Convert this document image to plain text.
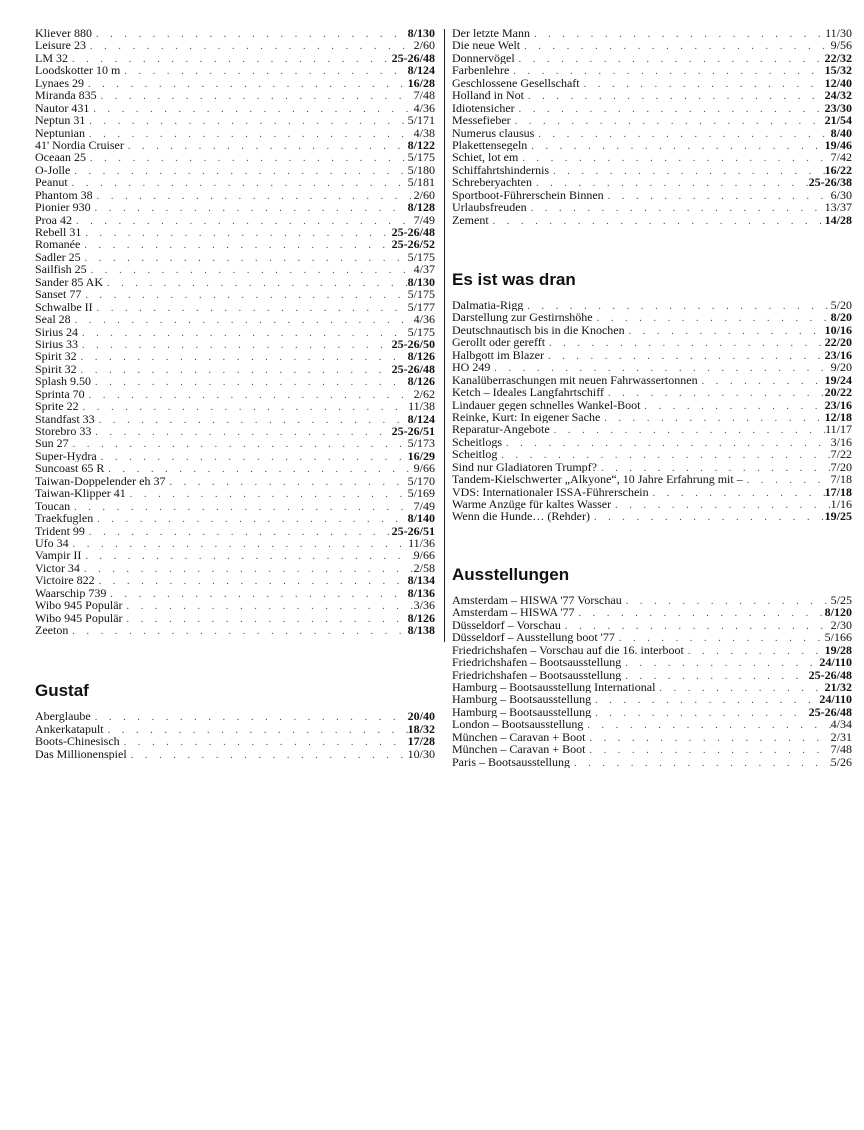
Kliever 880 . . .	8/130
Leisure 23 . . .	2/60
LM 32 . . .	25-26/48
Loodskotter 10 m . . .	8/124
Lynaes 29 . . .	16/28
Miranda 835 . . .	7/48
Nautor 431 . . .	4/36
Neptun 31 . . .	5/171
Neptunian . . .	4/38
41' Nordia Cruiser . . .	8/122
Oceaan 25 . . .	5/175
O-Jolle . . .	5/180
Peanut . . .	5/181
Phantom 38 . . .	2/60
Pionier 930 . . .	8/128
Proa 42 . . .	7/49
Rebell 31 . . .	25-26/48
Romanée . . .	25-26/52
Sadler 25 . . .	5/175
Sailfish 25 . . .	4/37
Sander 85 AK . . .	8/130
Sanset 77 . . .	5/175
Schwalbe II . . .	5/177
Seal 28 . . .	4/36
Sirius 24 . . .	5/175
Sirius 33 . . .	25-26/50
Spirit 32 . . .	8/126
Spirit 32 . . .	25-26/48
Splash 9.50 . . .	8/126
Sprinta 70 . . .	2/62
Sprite 22 . . .	11/38
Standfast 33 . . .	8/124
Storebro 33 . . .	25-26/51
Sun 27 . . .	5/173
Super-Hydra . . .	16/29
Suncoast 65 R . . .	9/66
Taiwan-Doppelender eh 37 . . .	5/170
Taiwan-Klipper 41 . . .	5/169
Toucan . . .	7/49
Traekfuglen . . .	8/140
Trident 99 . . .	25-26/51
Ufo 34 . . .	11/36
Vampir II . . .	9/66
Victor 34 . . .	2/58
Victoire 822 . . .	8/134
Waarschip 739 . . .	8/136
Wibo 945 Populär . . .	3/36
Wibo 945 Populär . . .	8/126
Zeeton . . .	8/138
Gustaf
Aberglaube . . .	20/40
Ankerkatapult . . .	18/32
Boots-Chinesisch . . .	17/28
Das Millionenspiel . . .	10/30
Der letzte Mann . . .	11/30
Die neue Welt . . .	9/56
Donnervögel . . .	22/32
Farbenlehre . . .	15/32
Geschlossene Gesellschaft . . .	12/40
Holland in Not . . .	24/32
Idiotensicher . . .	23/30
Messefieber . . .	21/54
Numerus clausus . . .	8/40
Plakettensegeln . . .	19/46
Schiet, lot em . . .	7/42
Schiffahrtshindernis . . .	16/22
Schreberyachten . . .	25-26/38
Sportboot-Führerschein Binnen . . .	6/30
Urlaubsfreuden . . .	13/37
Zement . . .	14/28
Es ist was dran
Dalmatia-Rigg . . .	5/20
Darstellung zur Gestirnshöhe . . .	8/20
Deutschnautisch bis in die Knochen . . .	10/16
Gerollt oder gerefft . . .	22/20
Halbgott im Blazer . . .	23/16
HO 249 . . .	9/20
Kanalüberraschungen mit neuen Fahrwassertonnen . . .	19/24
Ketch – Ideales Langfahrtschiff . . .	20/22
Lindauer gegen schnelles Wankel-Boot . . .	23/16
Reinke, Kurt: In eigener Sache . . .	12/18
Reparatur-Angebote . . .	11/17
Scheitlogs . . .	3/16
Scheitlog . . .	7/22
Sind nur Gladiatoren Trumpf? . . .	7/20
Tandem-Kielschwerter „Alkyone“, 10 Jahre Erfahrung mit – . . .	7/18
VDS: Internationaler ISSA-Führerschein . . .	17/18
Warme Anzüge für kaltes Wasser . . .	1/16
Wenn die Hunde… (Rehder) . . .	19/25
Ausstellungen
Amsterdam – HISWA '77 Vorschau . . .	5/25
Amsterdam – HISWA '77 . . .	8/120
Düsseldorf – Vorschau . . .	2/30
Düsseldorf – Ausstellung boot '77 . . .	5/166
Friedrichshafen – Vorschau auf die 16. interboot . . .	19/28
Friedrichshafen – Bootsausstellung . . .	24/110
Friedrichshafen – Bootsausstellung . . .	25-26/48
Hamburg – Bootsausstellung International . . .	21/32
Hamburg – Bootsausstellung . . .	24/110
Hamburg – Bootsausstellung . . .	25-26/48
London – Bootsausstellung . . .	4/34
München – Caravan + Boot . . .	2/31
München – Caravan + Boot . . .	7/48
Paris – Bootsausstellung . . .	5/26
